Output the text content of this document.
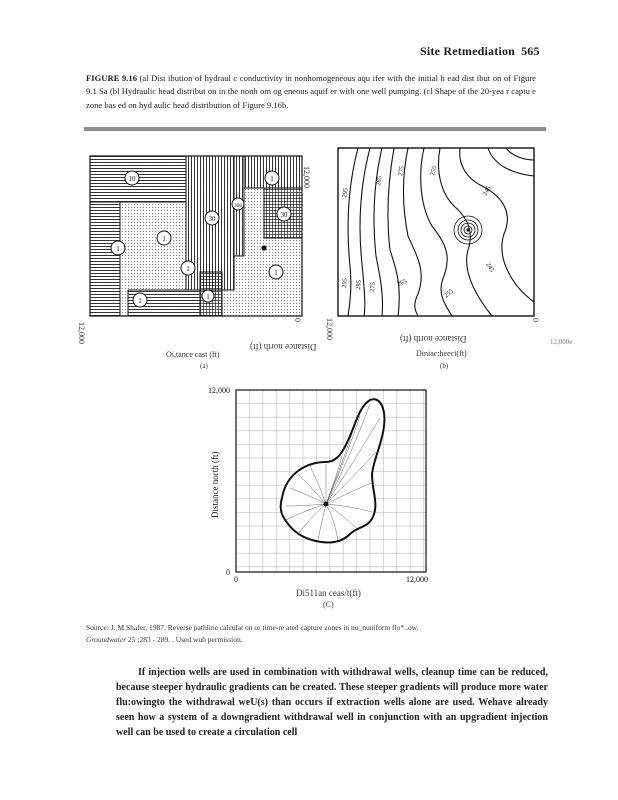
Site Retmediation 565
FIGURE 9.16 (al Dist ibution of hydraul c conductivity in nonhomogeneous aqu ifer with the initial h ead dist ibut on of Figure 9.1 Sa (bl Hydraulic head distribut on in the nonh om og eneous aquif er with one well pumping. (cl Shape of the 20-yea r captu e zone bas ed on hyd aulic head distribution of Figure 9.16b.
10
1
1
1
1
30
300
1
30
1
1
12,000
12,000
0
Distance north (ft)
Oi,tance cast (ft)
(a)
295
285
275	255
245
295 285 275	265
255
245
12,000	0
Distance north (ft)
Diniac:heeci(ft)
12,000e
(b)
12,000
0
0	12,000
Distance north (ft)
Di511an ceas/t(ft)
(C)
Source: J. M.Shafer, 1987. Reverse pathline calculat on or time-re ated capture zones in no_nuniform flo*..ow.
Groundwater 25 ;283 - 289. . Used wuh permission.
If injection wells are used in combination with withdrawal wells, cleanup time can be reduced, because steeper hydraulic gradients can be created. These steeper gradients will produce more water flu:owingto the withdrawal weU(s) than occurs if extraction wells alone are used. Wehave already seen how a system of a downgradient withdrawal well in conjunction with an upgradient injection well can be used to create a circulation cell
